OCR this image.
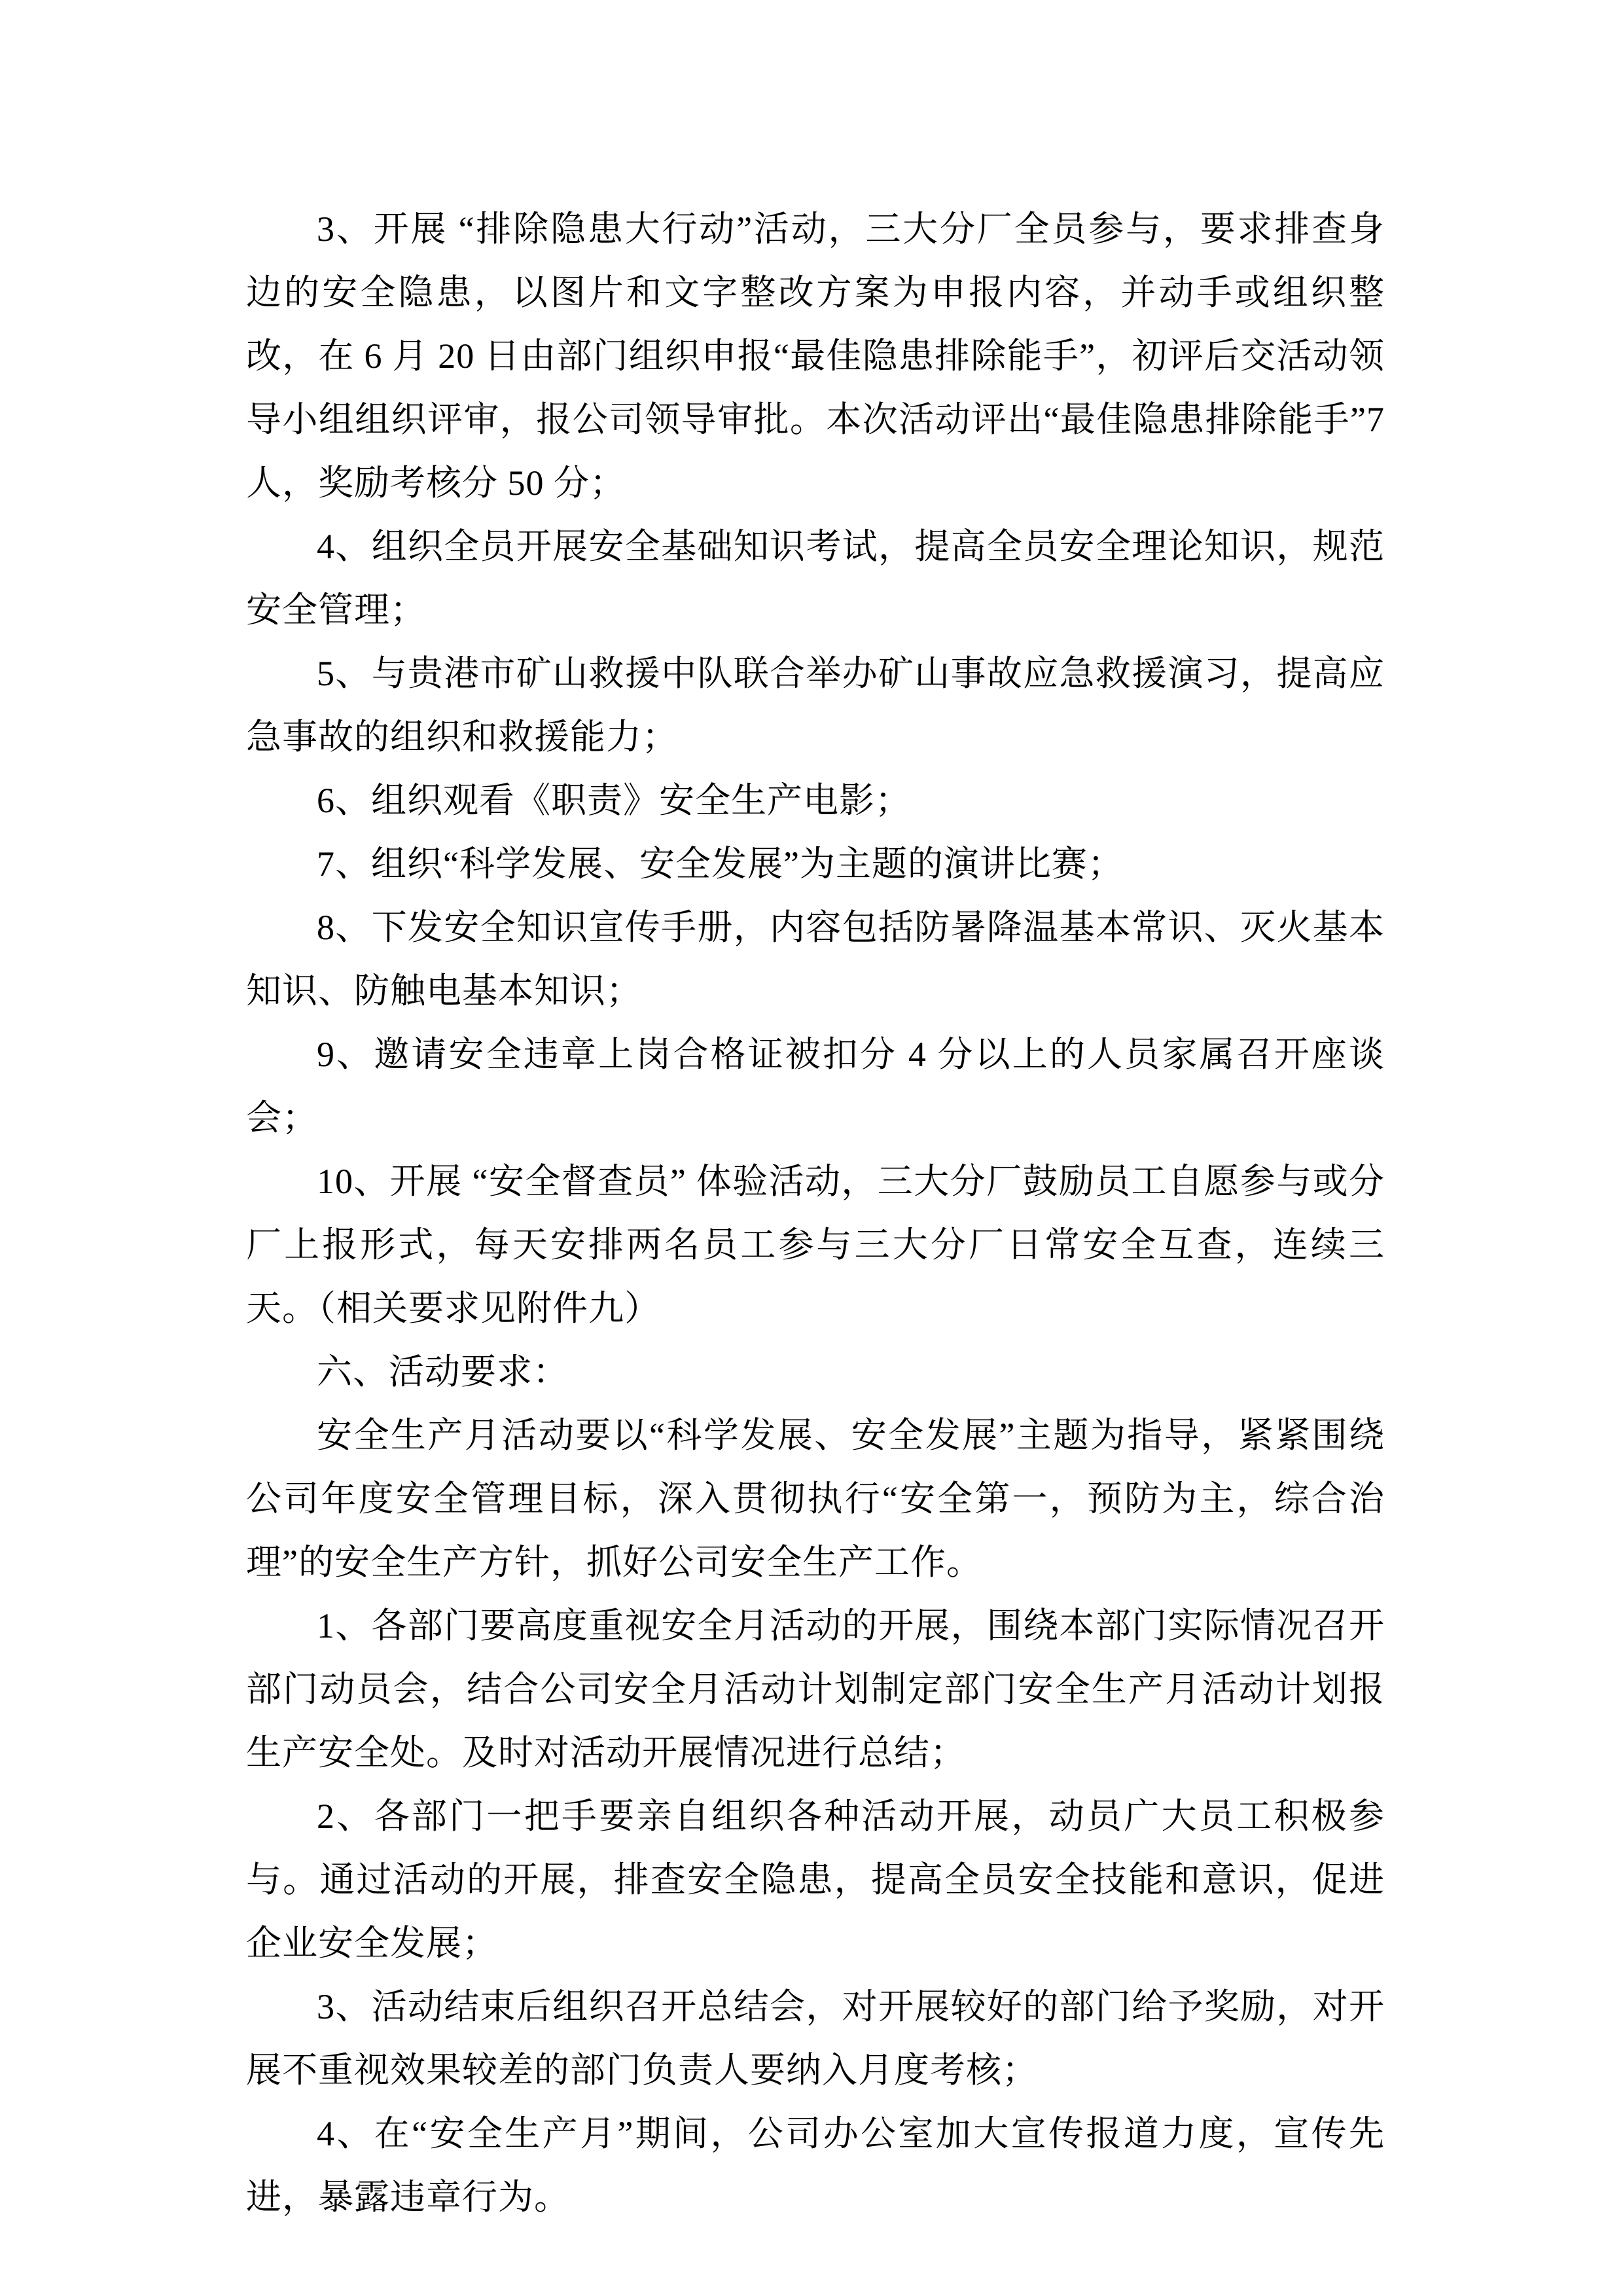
3、开展 “排除隐患大行动”活动，三大分厂全员参与，要求排查身边的安全隐患，以图片和文字整改方案为申报内容，并动手或组织整改，在 6 月 20 日由部门组织申报“最佳隐患排除能手”，初评后交活动领导小组组织评审，报公司领导审批。本次活动评出“最佳隐患排除能手”7 人，奖励考核分 50 分；

4、组织全员开展安全基础知识考试，提高全员安全理论知识，规范安全管理；

5、与贵港市矿山救援中队联合举办矿山事故应急救援演习，提高应急事故的组织和救援能力；

6、组织观看《职责》安全生产电影；

7、组织“科学发展、安全发展”为主题的演讲比赛；

8、下发安全知识宣传手册，内容包括防暑降温基本常识、灭火基本知识、防触电基本知识；

9、邀请安全违章上岗合格证被扣分 4 分以上的人员家属召开座谈会；

10、开展 “安全督查员” 体验活动，三大分厂鼓励员工自愿参与或分厂上报形式，每天安排两名员工参与三大分厂日常安全互查，连续三天。（相关要求见附件九）

六、活动要求：

安全生产月活动要以“科学发展、安全发展”主题为指导，紧紧围绕公司年度安全管理目标，深入贯彻执行“安全第一，预防为主，综合治理”的安全生产方针，抓好公司安全生产工作。

1、各部门要高度重视安全月活动的开展，围绕本部门实际情况召开部门动员会，结合公司安全月活动计划制定部门安全生产月活动计划报生产安全处。及时对活动开展情况进行总结；

2、各部门一把手要亲自组织各种活动开展，动员广大员工积极参与。通过活动的开展，排查安全隐患，提高全员安全技能和意识，促进企业安全发展；

3、活动结束后组织召开总结会，对开展较好的部门给予奖励，对开展不重视效果较差的部门负责人要纳入月度考核；

4、在“安全生产月”期间，公司办公室加大宣传报道力度，宣传先进，暴露违章行为。
